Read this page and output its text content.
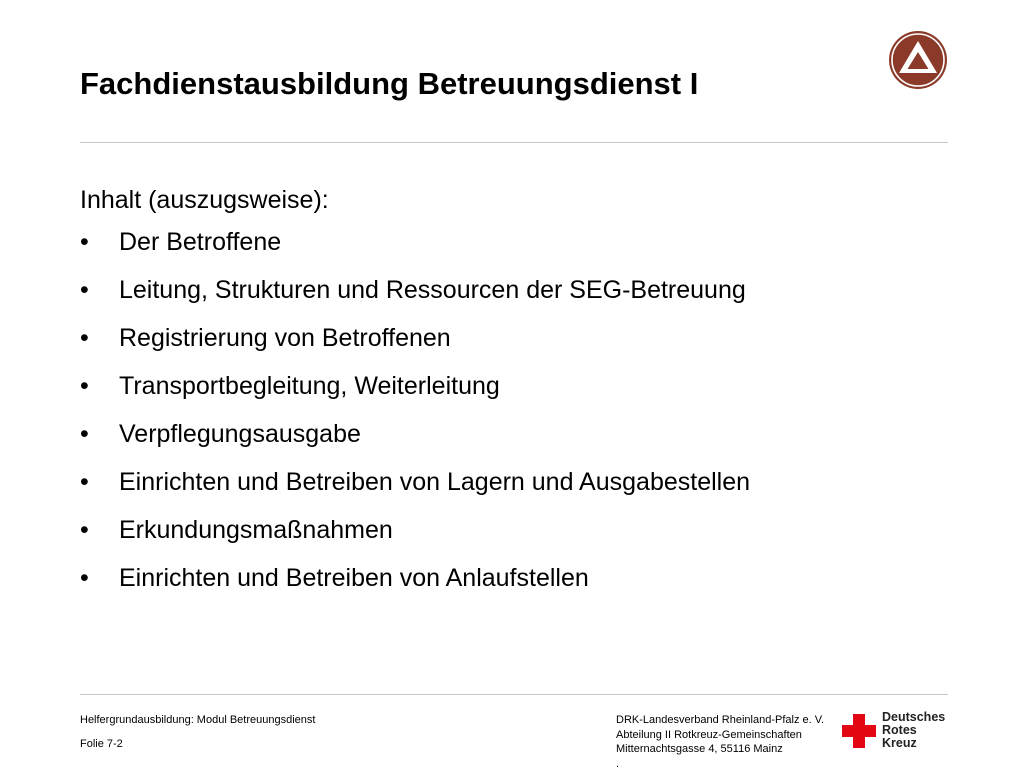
Fachdienstausbildung Betreuungsdienst I

Inhalt (auszugsweise):

•	Der Betroffene
•	Leitung, Strukturen und Ressourcen der SEG-Betreuung
•	Registrierung von Betroffenen
•	Transportbegleitung, Weiterleitung
•	Verpflegungsausgabe
•	Einrichten und Betreiben von Lagern und Ausgabestellen
•	Erkundungsmaßnahmen
•	Einrichten und Betreiben von Anlaufstellen
Helfergrundausbildung: Modul Betreuungsdienst
Folie 7-2
DRK-Landesverband Rheinland-Pfalz e. V.
Abteilung II Rotkreuz-Gemeinschaften
Mitternachtsgasse 4, 55116 Mainz
.
Deutsches
Rotes
Kreuz
